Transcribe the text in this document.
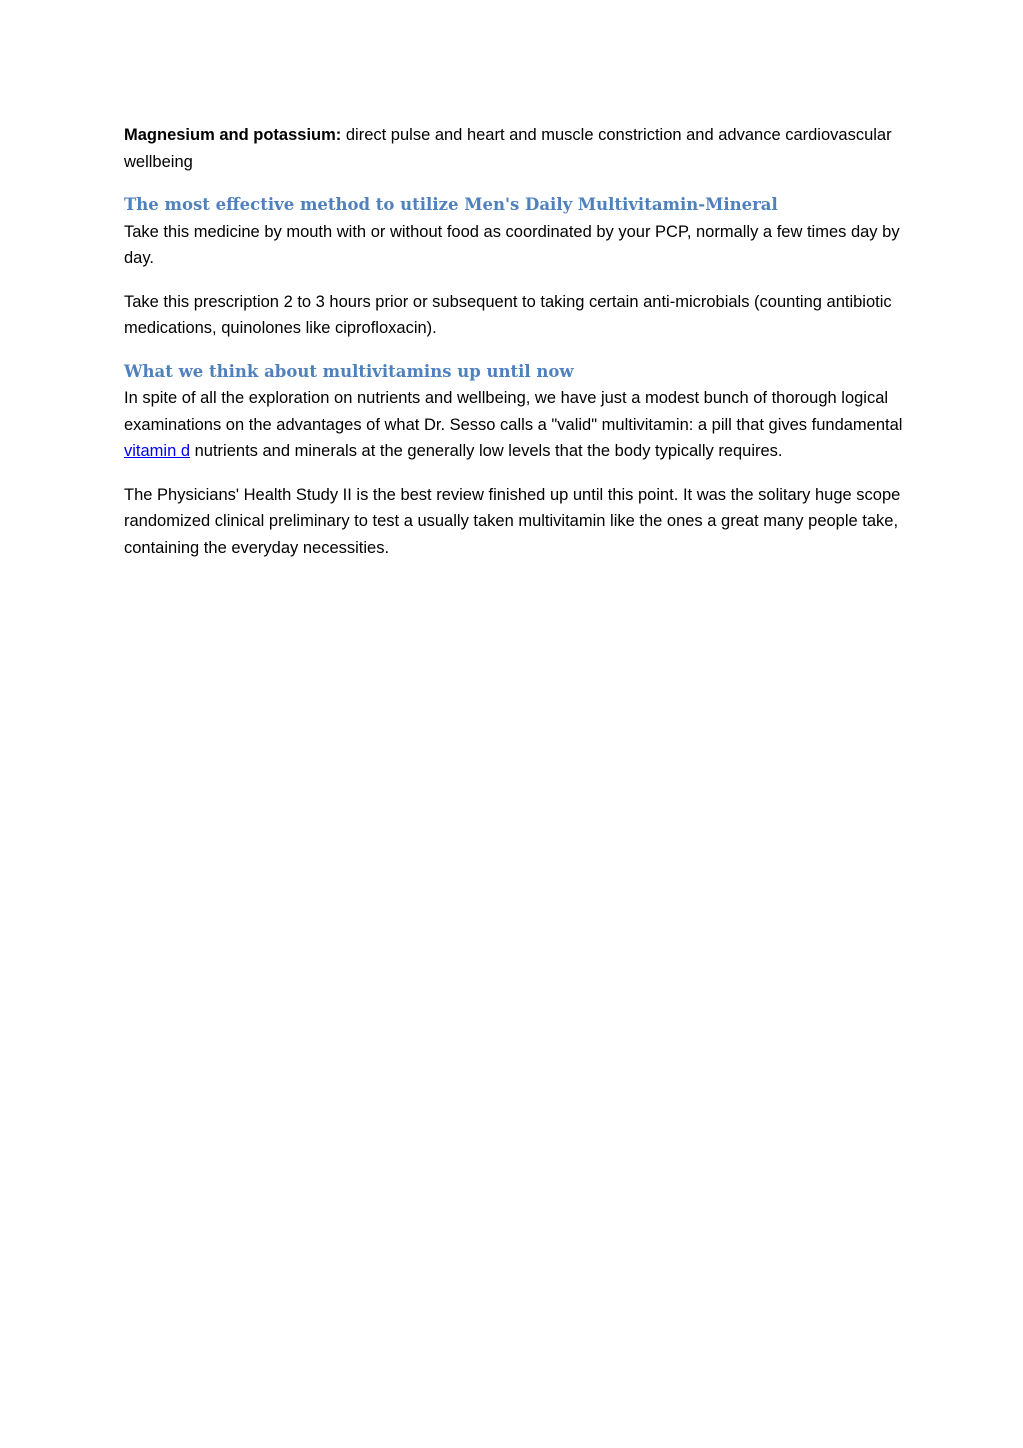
Magnesium and potassium: direct pulse and heart and muscle constriction and advance cardiovascular wellbeing

The most effective method to utilize Men's Daily Multivitamin-Mineral

Take this medicine by mouth with or without food as coordinated by your PCP, normally a few times day by day.

Take this prescription 2 to 3 hours prior or subsequent to taking certain anti-microbials (counting antibiotic medications, quinolones like ciprofloxacin).

What we think about multivitamins up until now

In spite of all the exploration on nutrients and wellbeing, we have just a modest bunch of thorough logical examinations on the advantages of what Dr. Sesso calls a "valid" multivitamin: a pill that gives fundamental vitamin d nutrients and minerals at the generally low levels that the body typically requires.

The Physicians' Health Study II is the best review finished up until this point. It was the solitary huge scope randomized clinical preliminary to test a usually taken multivitamin like the ones a great many people take, containing the everyday necessities.
